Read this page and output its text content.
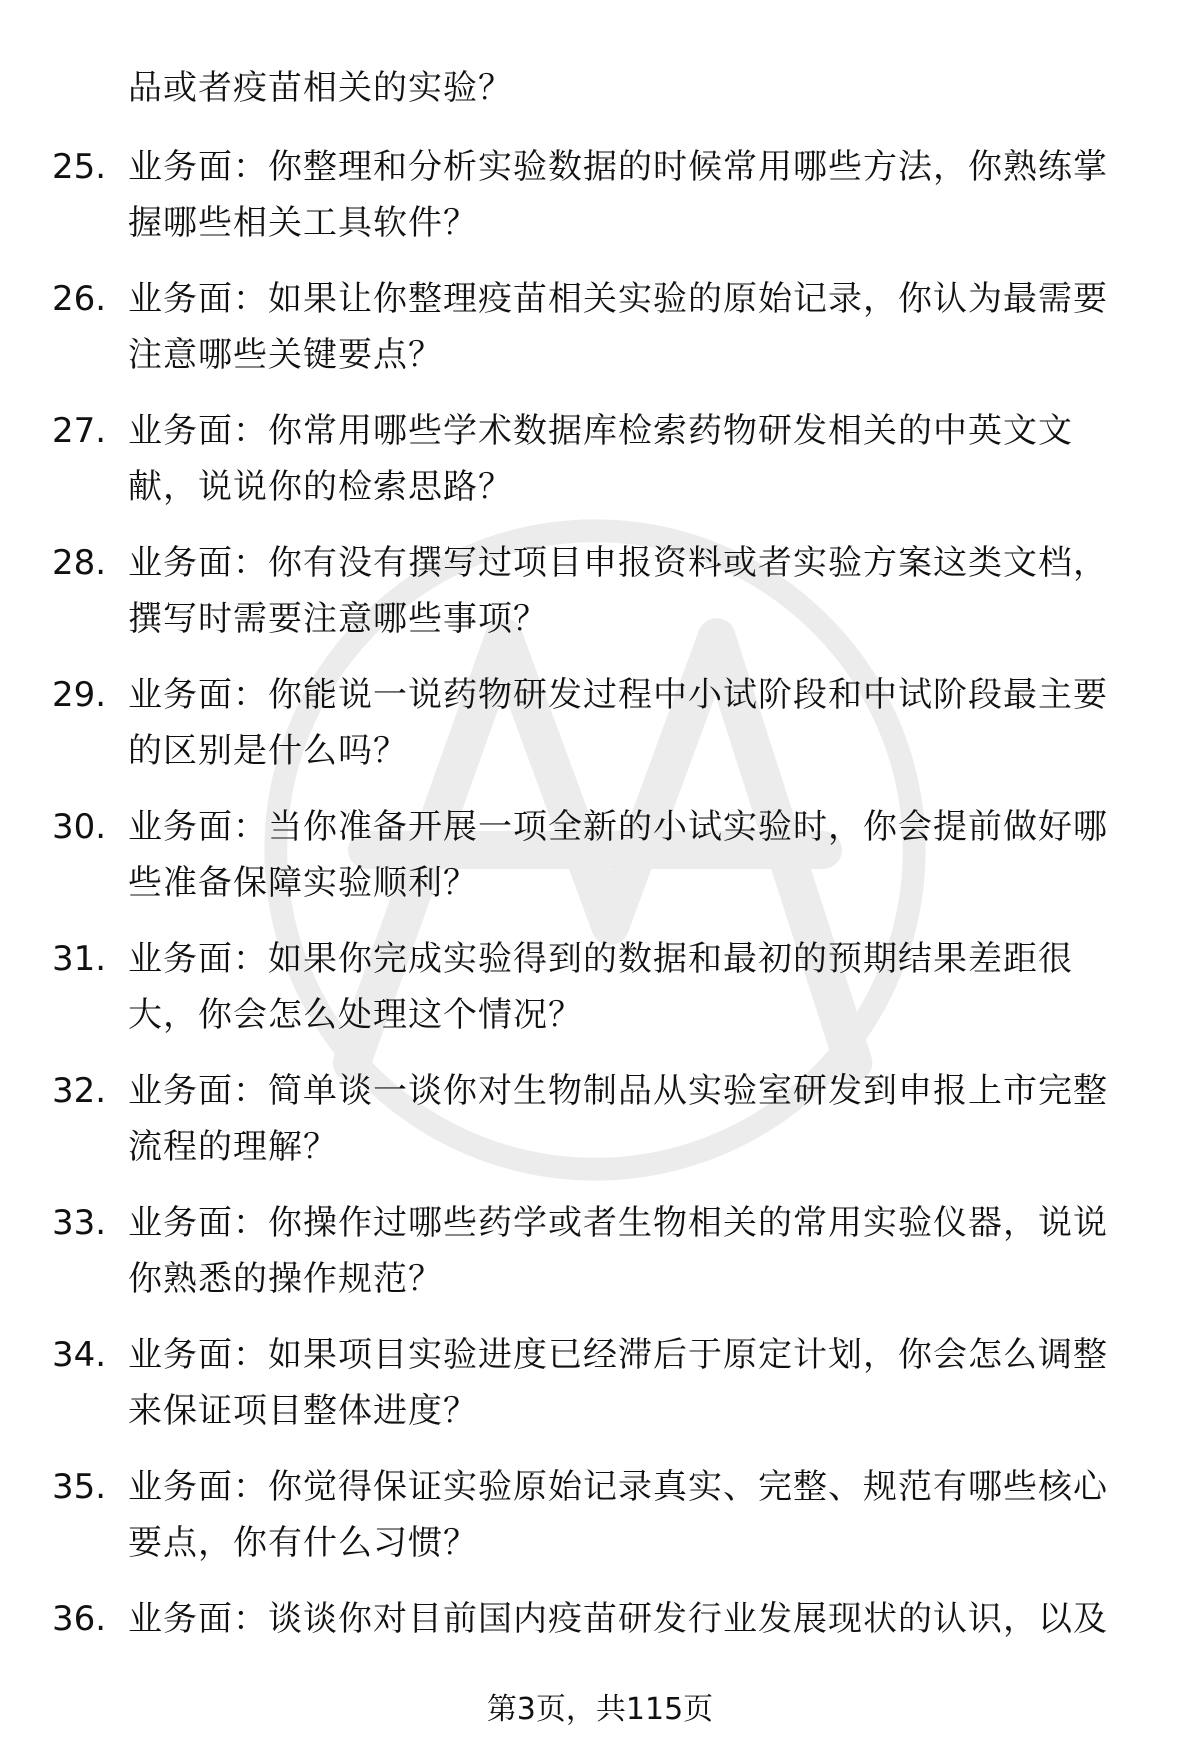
品或者疫苗相关的实验？
25. 业务面：你整理和分析实验数据的时候常用哪些方法，你熟练掌握哪些相关工具软件？
26. 业务面：如果让你整理疫苗相关实验的原始记录，你认为最需要注意哪些关键要点？
27. 业务面：你常用哪些学术数据库检索药物研发相关的中英文文献，说说你的检索思路？
28. 业务面：你有没有撰写过项目申报资料或者实验方案这类文档，撰写时需要注意哪些事项？
29. 业务面：你能说一说药物研发过程中小试阶段和中试阶段最主要的区别是什么吗？
30. 业务面：当你准备开展一项全新的小试实验时，你会提前做好哪些准备保障实验顺利？
31. 业务面：如果你完成实验得到的数据和最初的预期结果差距很大，你会怎么处理这个情况？
32. 业务面：简单谈一谈你对生物制品从实验室研发到申报上市完整流程的理解？
33. 业务面：你操作过哪些药学或者生物相关的常用实验仪器，说说你熟悉的操作规范？
34. 业务面：如果项目实验进度已经滞后于原定计划，你会怎么调整来保证项目整体进度？
35. 业务面：你觉得保证实验原始记录真实、完整、规范有哪些核心要点，你有什么习惯？
36. 业务面：谈谈你对目前国内疫苗研发行业发展现状的认识，以及
第3页，共115页
